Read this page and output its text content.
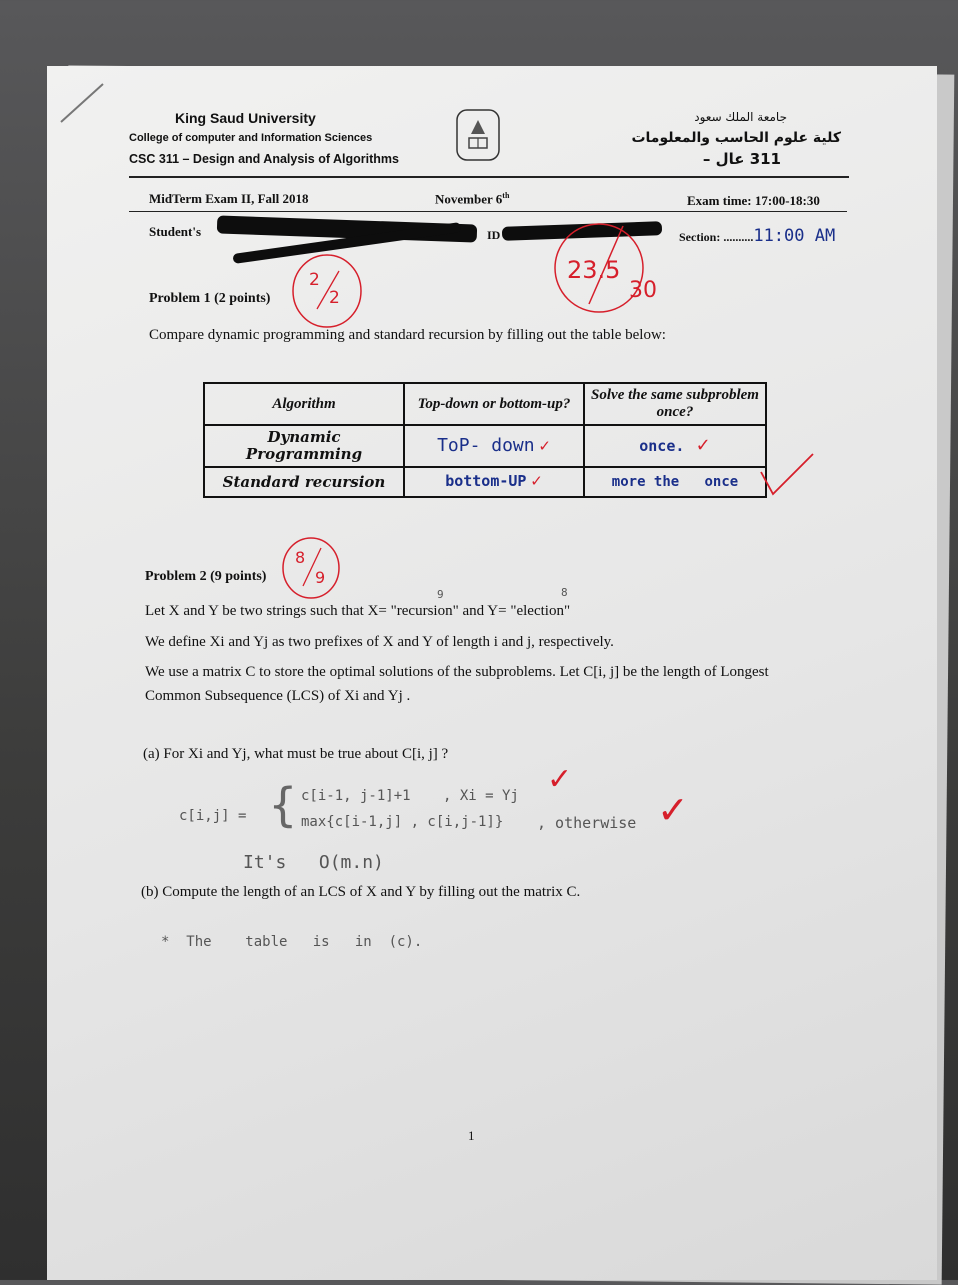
King Saud University
College of computer and Information Sciences
CSC 311 – Design and Analysis of Algorithms
جامعة الملك سعود
كلية علوم الحاسب والمعلومات
311 عال –
MidTerm Exam II, Fall 2018	November 6th	Exam time: 17:00-18:30
Student's	ID	Section: ..........11:00 AM
23.5
30
Problem 1 (2 points)
2
2
Compare dynamic programming and standard recursion by filling out the table below:
Algorithm	Top-down or bottom-up?	Solve the same subproblem once?
Dynamic Programming	ToP- down ✓	once. ✓
Standard recursion	bottom-UP ✓	more the   once
Problem 2 (9 points)
8
9
9	8
Let X and Y be two strings such that X= "recursion" and Y= "election"
We define Xi and Yj as two prefixes of X and Y of length i and j, respectively.
We use a matrix C to store the optimal solutions of the subproblems. Let C[i, j] be the length of Longest
Common Subsequence (LCS) of Xi and Yj .
(a) For Xi and Yj, what must be true about C[i, j] ?
c[i,j] = { c[i-1, j-1]+1 , Xi = Yj ✓
max{c[i-1,j] , c[i,j-1]} , otherwise ✓
It's   O(m.n)
(b) Compute the length of an LCS of X and Y by filling out the matrix C.
*  The    table   is   in  (c).
1
